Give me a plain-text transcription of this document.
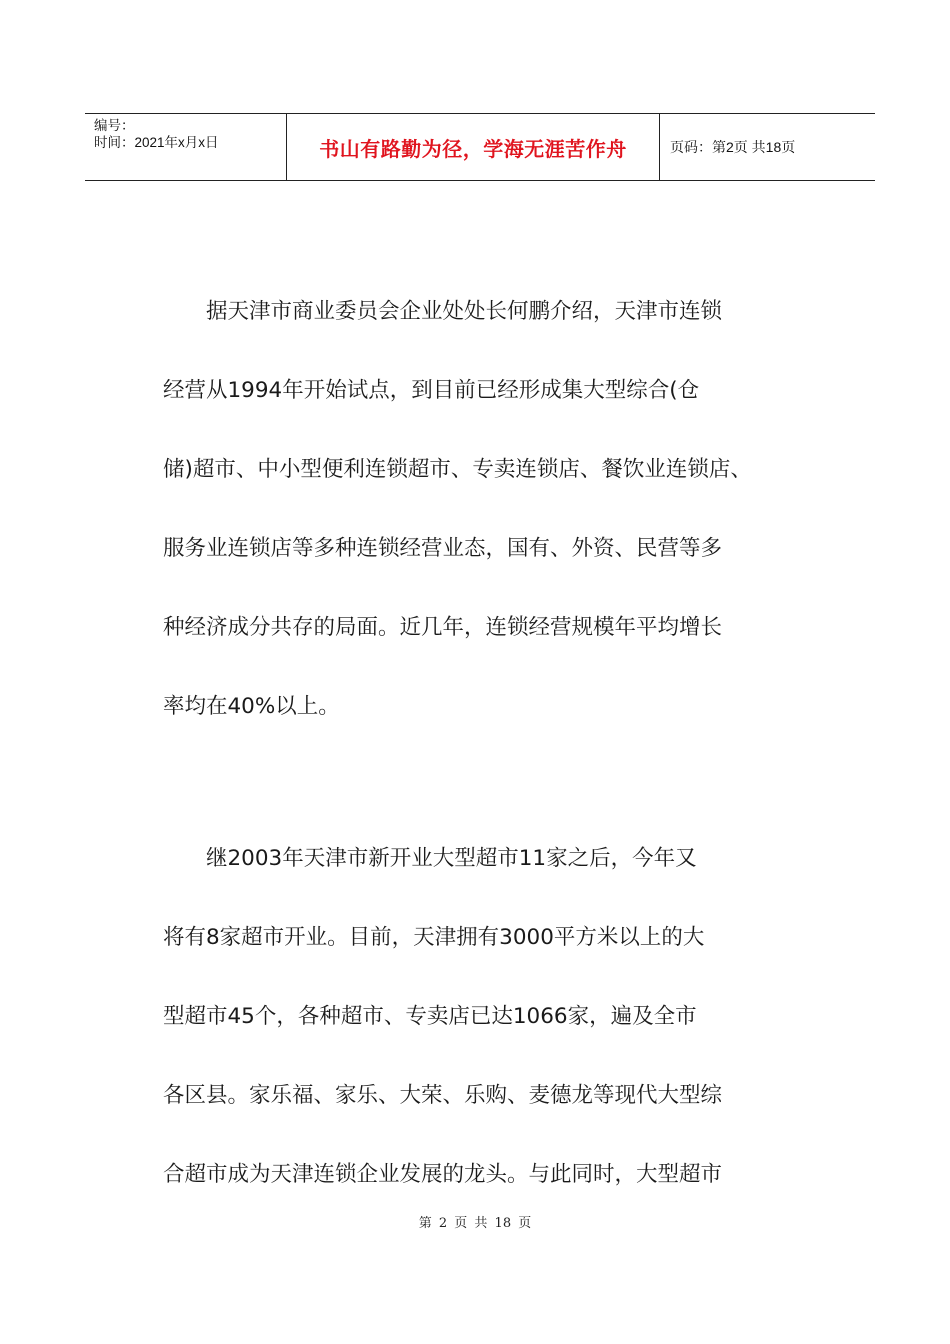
编号：
时间：2021年x月x日	书山有路勤为径，学海无涯苦作舟	页码：第2页 共18页
　　据天津市商业委员会企业处处长何鹏介绍，天津市连锁
经营从1994年开始试点，到目前已经形成集大型综合(仓
储)超市、中小型便利连锁超市、专卖连锁店、餐饮业连锁店、
服务业连锁店等多种连锁经营业态，国有、外资、民营等多
种经济成分共存的局面。近几年，连锁经营规模年平均增长
率均在40%以上。
　　继2003年天津市新开业大型超市11家之后，今年又
将有8家超市开业。目前，天津拥有3000平方米以上的大
型超市45个，各种超市、专卖店已达1066家，遍及全市
各区县。家乐福、家乐、大荣、乐购、麦德龙等现代大型综
合超市成为天津连锁企业发展的龙头。与此同时，大型超市
第 2 页 共 18 页
